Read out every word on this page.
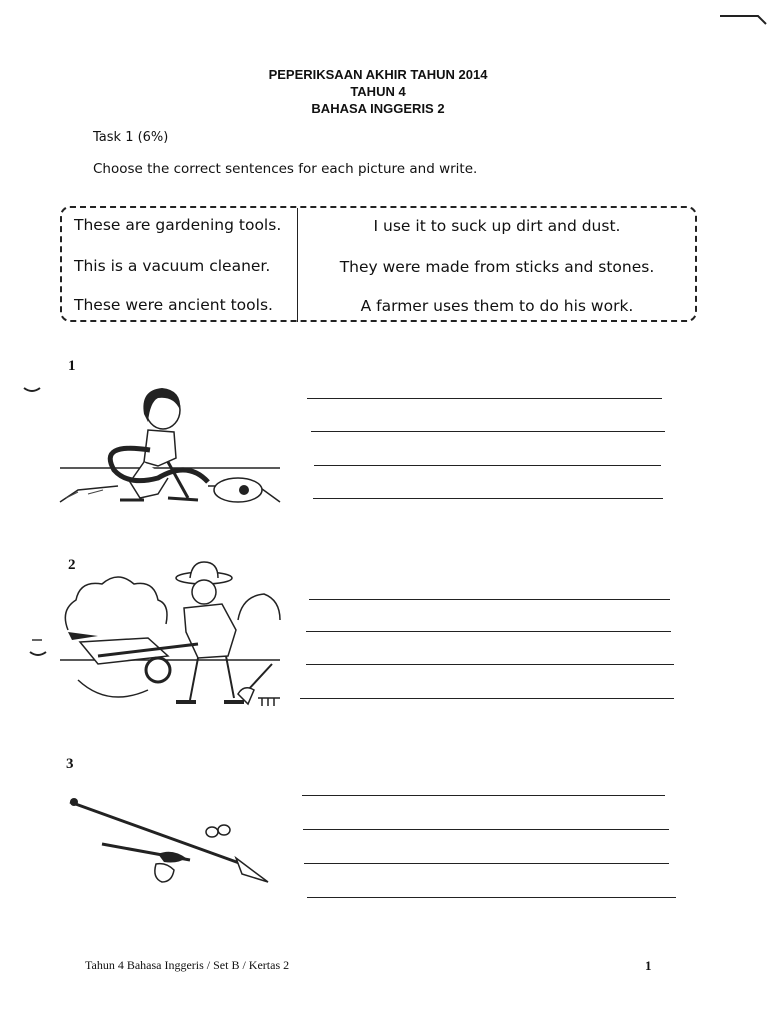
PEPERIKSAAN AKHIR TAHUN 2014
TAHUN 4
BAHASA INGGERIS 2
Task 1 (6%)
Choose the correct sentences for each picture and write.
These are gardening tools.
This is a vacuum cleaner.
These were ancient tools.
I use it to suck up dirt and dust.
They were made from sticks and stones.
A farmer uses them to do his work.
1
2
3
Tahun 4 Bahasa Inggeris / Set B / Kertas 2	1
